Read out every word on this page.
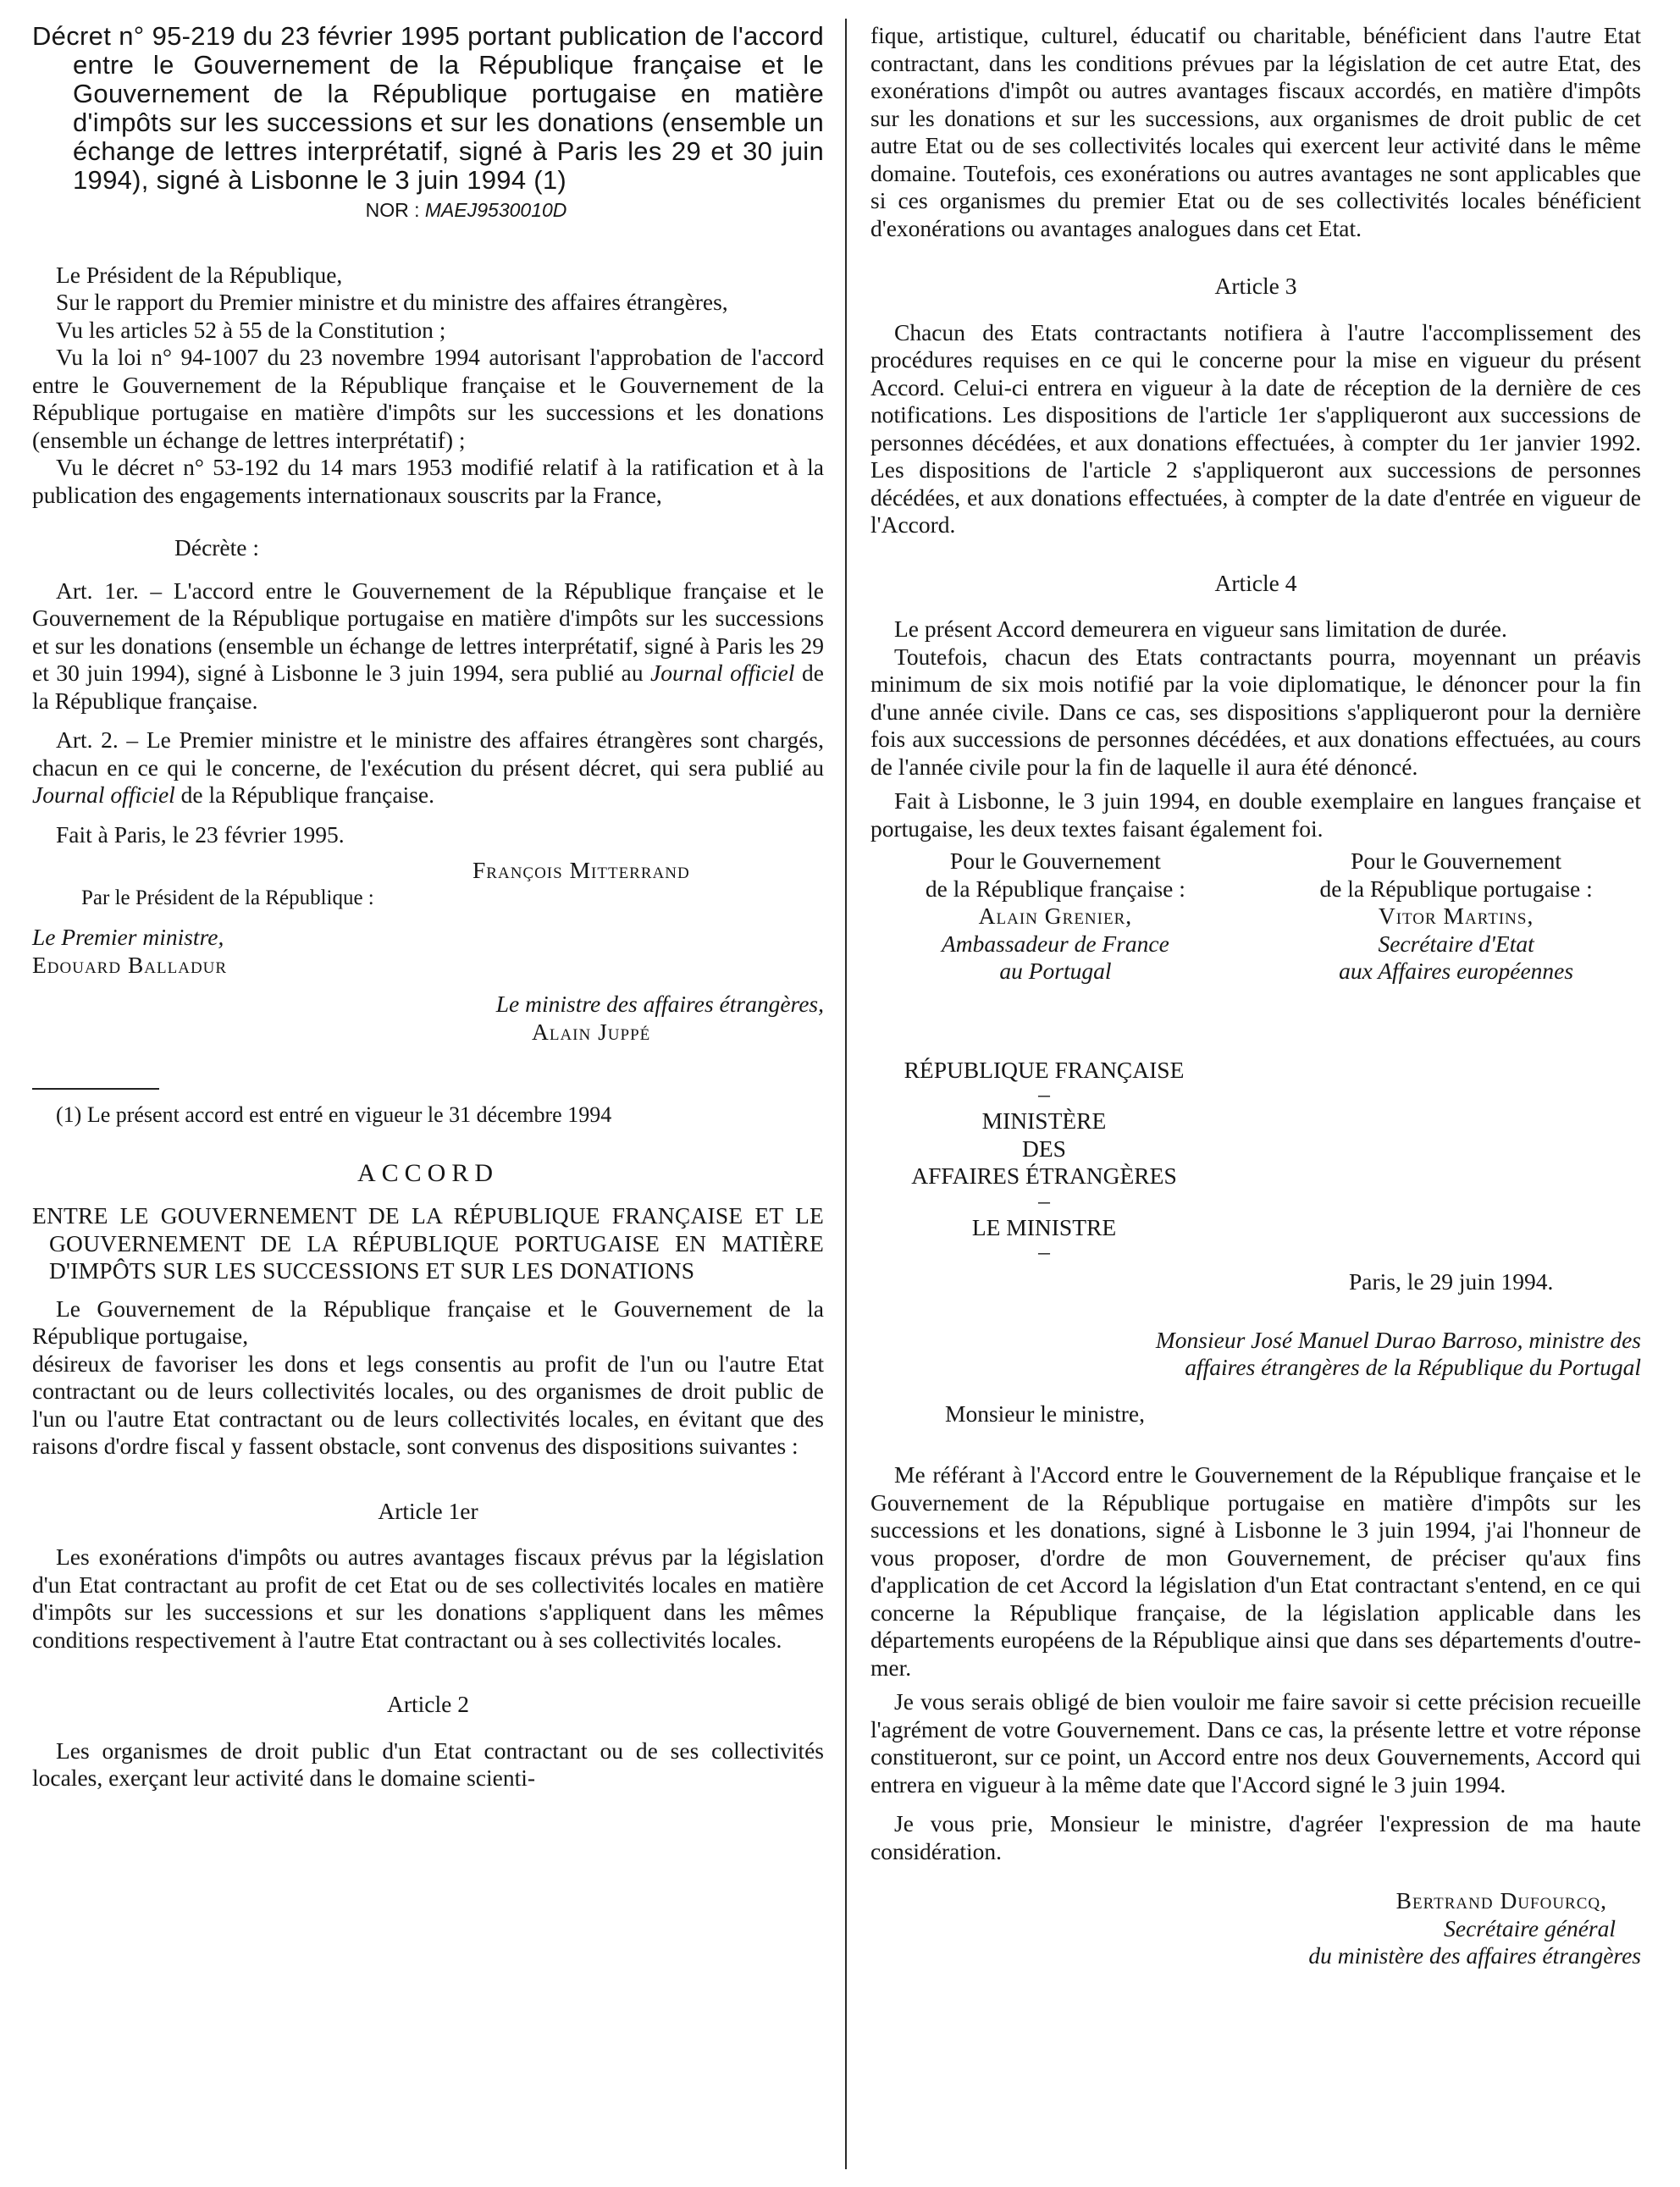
Décret n° 95-219 du 23 février 1995 portant publication de l'accord entre le Gouvernement de la République française et le Gouvernement de la République portugaise en matière d'impôts sur les successions et sur les donations (ensemble un échange de lettres interprétatif, signé à Paris les 29 et 30 juin 1994), signé à Lisbonne le 3 juin 1994 (1)

NOR : MAEJ9530010D

Le Président de la République,

Sur le rapport du Premier ministre et du ministre des affaires étrangères,

Vu les articles 52 à 55 de la Constitution ;

Vu la loi n° 94-1007 du 23 novembre 1994 autorisant l'approbation de l'accord entre le Gouvernement de la République française et le Gouvernement de la République portugaise en matière d'impôts sur les successions et les donations (ensemble un échange de lettres interprétatif) ;

Vu le décret n° 53-192 du 14 mars 1953 modifié relatif à la ratification et à la publication des engagements internationaux souscrits par la France,

Décrète :

Art. 1er. – L'accord entre le Gouvernement de la République française et le Gouvernement de la République portugaise en matière d'impôts sur les successions et sur les donations (ensemble un échange de lettres interprétatif, signé à Paris les 29 et 30 juin 1994), signé à Lisbonne le 3 juin 1994, sera publié au Journal officiel de la République française.

Art. 2. – Le Premier ministre et le ministre des affaires étrangères sont chargés, chacun en ce qui le concerne, de l'exécution du présent décret, qui sera publié au Journal officiel de la République française.

Fait à Paris, le 23 février 1995.

François Mitterrand

Par le Président de la République :

Le Premier ministre,

Edouard Balladur

Le ministre des affaires étrangères,

Alain Juppé

(1) Le présent accord est entré en vigueur le 31 décembre 1994

ACCORD

ENTRE LE GOUVERNEMENT DE LA RÉPUBLIQUE FRANÇAISE ET LE GOUVERNEMENT DE LA RÉPUBLIQUE PORTUGAISE EN MATIÈRE D'IMPÔTS SUR LES SUCCESSIONS ET SUR LES DONATIONS

Le Gouvernement de la République française et le Gouvernement de la République portugaise,

désireux de favoriser les dons et legs consentis au profit de l'un ou l'autre Etat contractant ou de leurs collectivités locales, ou des organismes de droit public de l'un ou l'autre Etat contractant ou de leurs collectivités locales, en évitant que des raisons d'ordre fiscal y fassent obstacle, sont convenus des dispositions suivantes :

Article 1er

Les exonérations d'impôts ou autres avantages fiscaux prévus par la législation d'un Etat contractant au profit de cet Etat ou de ses collectivités locales en matière d'impôts sur les successions et sur les donations s'appliquent dans les mêmes conditions respectivement à l'autre Etat contractant ou à ses collectivités locales.

Article 2

Les organismes de droit public d'un Etat contractant ou de ses collectivités locales, exerçant leur activité dans le domaine scienti-

fique, artistique, culturel, éducatif ou charitable, bénéficient dans l'autre Etat contractant, dans les conditions prévues par la législation de cet autre Etat, des exonérations d'impôt ou autres avantages fiscaux accordés, en matière d'impôts sur les donations et sur les successions, aux organismes de droit public de cet autre Etat ou de ses collectivités locales qui exercent leur activité dans le même domaine. Toutefois, ces exonérations ou autres avantages ne sont applicables que si ces organismes du premier Etat ou de ses collectivités locales bénéficient d'exonérations ou avantages analogues dans cet Etat.

Article 3

Chacun des Etats contractants notifiera à l'autre l'accomplissement des procédures requises en ce qui le concerne pour la mise en vigueur du présent Accord. Celui-ci entrera en vigueur à la date de réception de la dernière de ces notifications. Les dispositions de l'article 1er s'appliqueront aux successions de personnes décédées, et aux donations effectuées, à compter du 1er janvier 1992. Les dispositions de l'article 2 s'appliqueront aux successions de personnes décédées, et aux donations effectuées, à compter de la date d'entrée en vigueur de l'Accord.

Article 4

Le présent Accord demeurera en vigueur sans limitation de durée.

Toutefois, chacun des Etats contractants pourra, moyennant un préavis minimum de six mois notifié par la voie diplomatique, le dénoncer pour la fin d'une année civile. Dans ce cas, ses dispositions s'appliqueront pour la dernière fois aux successions de personnes décédées, et aux donations effectuées, au cours de l'année civile pour la fin de laquelle il aura été dénoncé.

Fait à Lisbonne, le 3 juin 1994, en double exemplaire en langues française et portugaise, les deux textes faisant également foi.

Pour le Gouvernement
de la République française :
Alain Grenier,
Ambassadeur de France
au Portugal
Pour le Gouvernement
de la République portugaise :
Vitor Martins,
Secrétaire d'Etat
aux Affaires européennes
RÉPUBLIQUE FRANÇAISE
–
MINISTÈRE
DES
AFFAIRES ÉTRANGÈRES
–
LE MINISTRE
–

Paris, le 29 juin 1994.

Monsieur José Manuel Durao Barroso, ministre des

affaires étrangères de la République du Portugal

Monsieur le ministre,

Me référant à l'Accord entre le Gouvernement de la République française et le Gouvernement de la République portugaise en matière d'impôts sur les successions et les donations, signé à Lisbonne le 3 juin 1994, j'ai l'honneur de vous proposer, d'ordre de mon Gouvernement, de préciser qu'aux fins d'application de cet Accord la législation d'un Etat contractant s'entend, en ce qui concerne la République française, de la législation applicable dans les départements européens de la République ainsi que dans ses départements d'outre-mer.

Je vous serais obligé de bien vouloir me faire savoir si cette précision recueille l'agrément de votre Gouvernement. Dans ce cas, la présente lettre et votre réponse constitueront, sur ce point, un Accord entre nos deux Gouvernements, Accord qui entrera en vigueur à la même date que l'Accord signé le 3 juin 1994.

Je vous prie, Monsieur le ministre, d'agréer l'expression de ma haute considération.

Bertrand Dufourcq,

Secrétaire général

du ministère des affaires étrangères
